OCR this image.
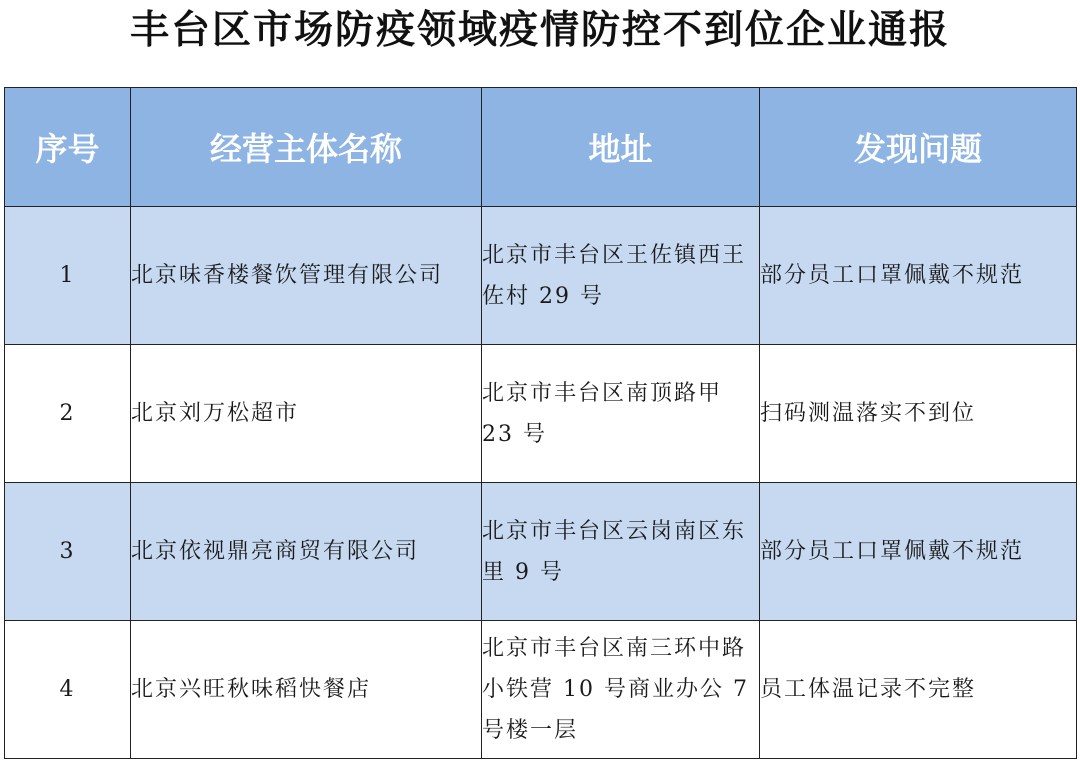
丰台区市场防疫领域疫情防控不到位企业通报
序号	经营主体名称	地址	发现问题
1	北京味香楼餐饮管理有限公司	北京市丰台区王佐镇西王佐村 29 号	部分员工口罩佩戴不规范
2	北京刘万松超市	北京市丰台区南顶路甲 23 号	扫码测温落实不到位
3	北京依视鼎亮商贸有限公司	北京市丰台区云岗南区东里 9 号	部分员工口罩佩戴不规范
4	北京兴旺秋味稻快餐店	北京市丰台区南三环中路小铁营 10 号商业办公 7 号楼一层	员工体温记录不完整
